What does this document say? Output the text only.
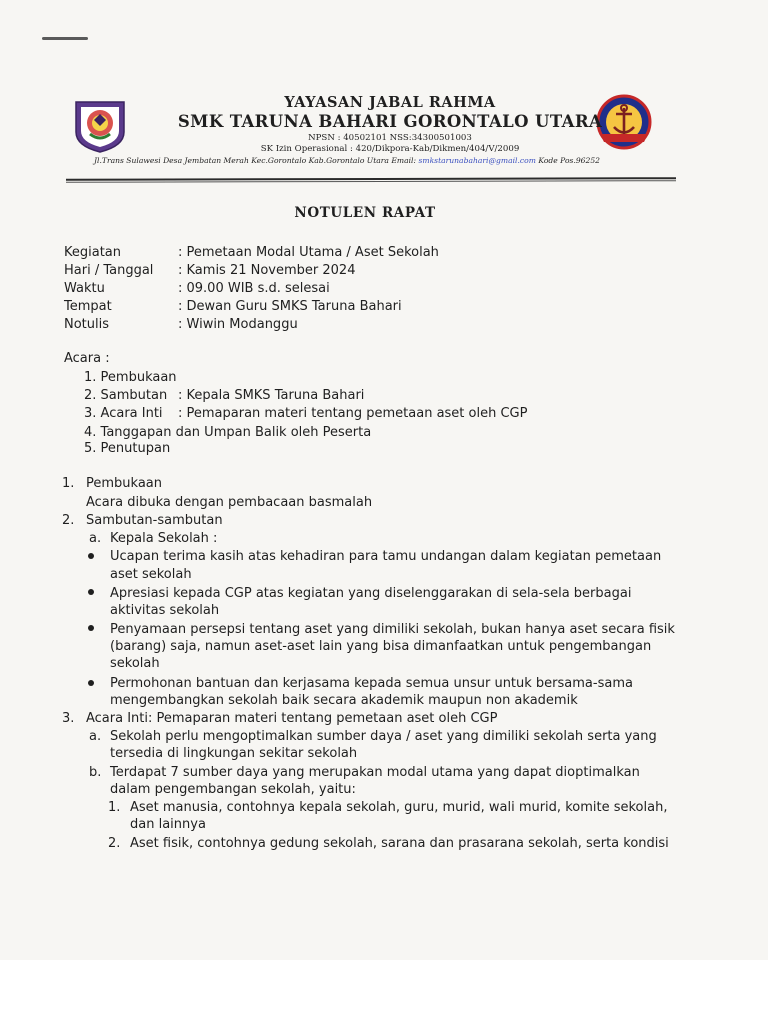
YAYASAN JABAL RAHMA
SMK TARUNA BAHARI GORONTALO UTARA
NPSN : 40502101 NSS:34300501003
SK Izin Operasional : 420/Dikpora-Kab/Dikmen/404/V/2009
Jl.Trans Sulawesi Desa Jembatan Merah Kec.Gorontalo Kab.Gorontalo Utara Email: smkstarunabahari@gmail.com Kode Pos.96252
NOTULEN RAPAT
Kegiatan	: Pemetaan Modal Utama / Aset Sekolah
Hari / Tanggal : Kamis 21 November 2024
Waktu	: 09.00 WIB s.d. selesai
Tempat	: Dewan Guru SMKS Taruna Bahari
Notulis	: Wiwin Modanggu
Acara :
1. Pembukaan
2. Sambutan : Kepala SMKS Taruna Bahari
3. Acara Inti : Pemaparan materi tentang pemetaan aset oleh CGP
4. Tanggapan dan Umpan Balik oleh Peserta
5. Penutupan
1. Pembukaan
Acara dibuka dengan pembacaan basmalah
2. Sambutan-sambutan
a. Kepala Sekolah :
Ucapan terima kasih atas kehadiran para tamu undangan dalam kegiatan pemetaan
aset sekolah
Apresiasi kepada CGP atas kegiatan yang diselenggarakan di sela-sela berbagai
aktivitas sekolah
Penyamaan persepsi tentang aset yang dimiliki sekolah, bukan hanya aset secara fisik
(barang) saja, namun aset-aset lain yang bisa dimanfaatkan untuk pengembangan
sekolah
Permohonan bantuan dan kerjasama kepada semua unsur untuk bersama-sama
mengembangkan sekolah baik secara akademik maupun non akademik
3. Acara Inti: Pemaparan materi tentang pemetaan aset oleh CGP
a. Sekolah perlu mengoptimalkan sumber daya / aset yang dimiliki sekolah serta yang
tersedia di lingkungan sekitar sekolah
b. Terdapat 7 sumber daya yang merupakan modal utama yang dapat dioptimalkan
dalam pengembangan sekolah, yaitu:
1. Aset manusia, contohnya kepala sekolah, guru, murid, wali murid, komite sekolah,
dan lainnya
2. Aset fisik, contohnya gedung sekolah, sarana dan prasarana sekolah, serta kondisi
